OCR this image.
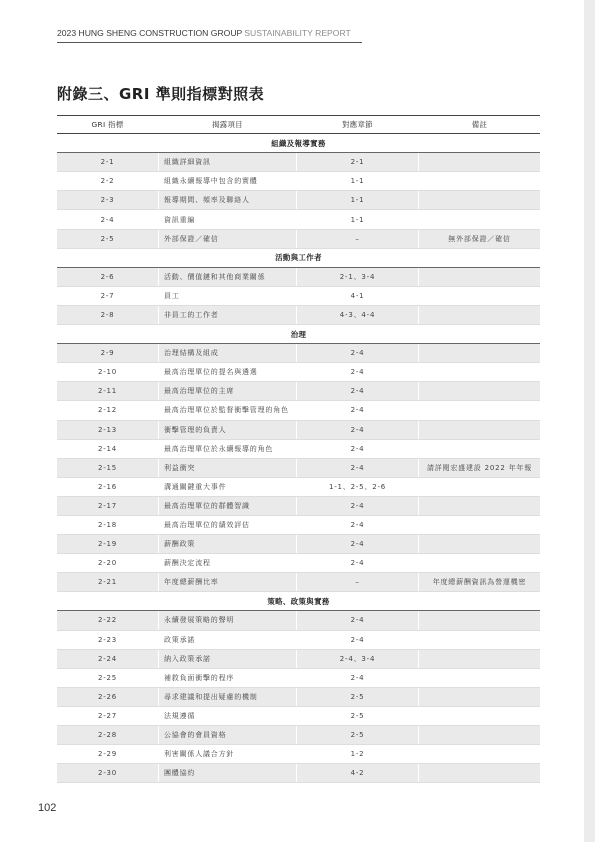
2023 HUNG SHENG CONSTRUCTION GROUP SUSTAINABILITY REPORT
附錄三、GRI 準則指標對照表
GRI 指標	揭露項目	對應章節	備註
組織及報導實務
2-1	組織詳細資訊	2-1
2-2	組織永續報導中包含的實體	1-1
2-3	報導期間、頻率及聯絡人	1-1
2-4	資訊重編	1-1
2-5	外部保證／確信	–	無外部保證／確信
活動與工作者
2-6	活動、價值鏈和其他商業關係	2-1、3-4
2-7	員工	4-1
2-8	非員工的工作者	4-3、4-4
治理
2-9	治理結構及組成	2-4
2-10	最高治理單位的提名與遴選	2-4
2-11	最高治理單位的主席	2-4
2-12	最高治理單位於監督衝擊管理的角色	2-4
2-13	衝擊管理的負責人	2-4
2-14	最高治理單位於永續報導的角色	2-4
2-15	利益衝突	2-4	請詳閱宏盛建設 2022 年年報
2-16	溝通關鍵重大事件	1-1、2-5、2-6
2-17	最高治理單位的群體智識	2-4
2-18	最高治理單位的績效評估	2-4
2-19	薪酬政策	2-4
2-20	薪酬決定流程	2-4
2-21	年度總薪酬比率	–	年度總薪酬資訊為營運機密
策略、政策與實務
2-22	永續發展策略的聲明	2-4
2-23	政策承諾	2-4
2-24	納入政策承諾	2-4、3-4
2-25	補救負面衝擊的程序	2-4
2-26	尋求建議和提出疑慮的機制	2-5
2-27	法規遵循	2-5
2-28	公協會的會員資格	2-5
2-29	利害關係人議合方針	1-2
2-30	團體協約	4-2
102
